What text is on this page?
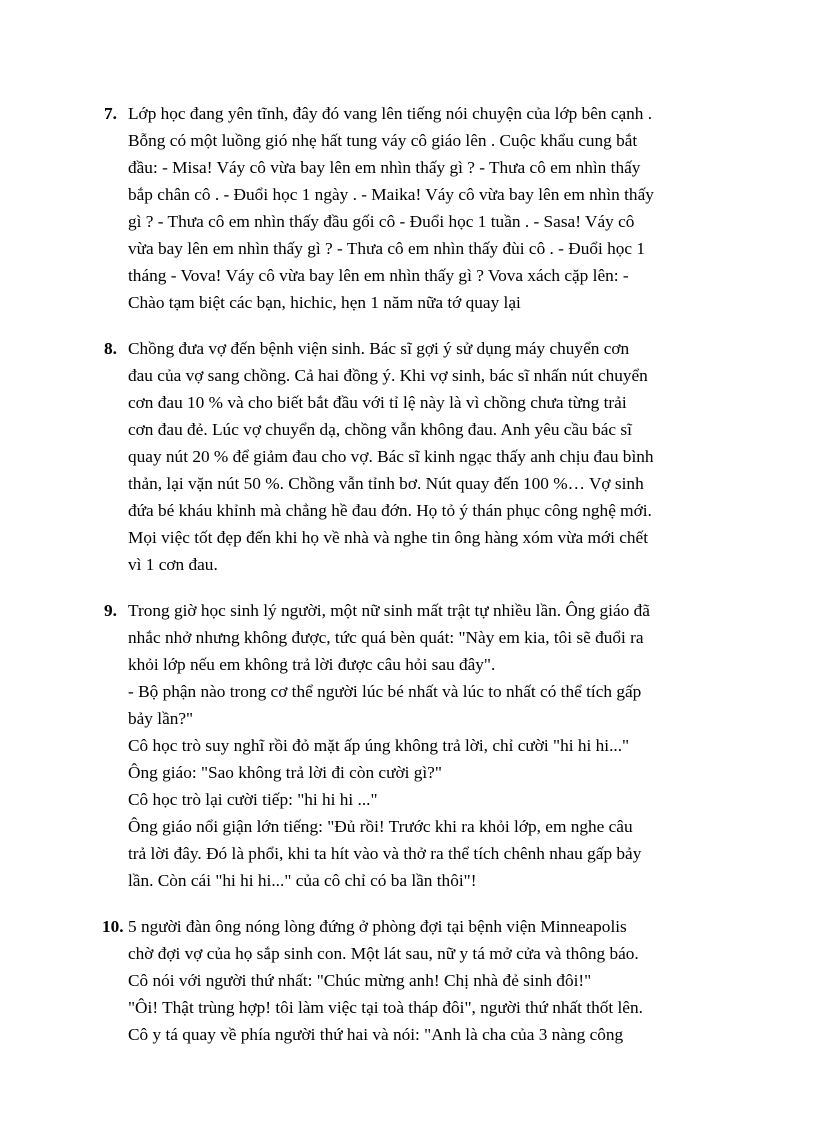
7. Lớp học đang yên tĩnh, đây đó vang lên tiếng nói chuyện của lớp bên cạnh .
Bỗng có một luồng gió nhẹ hất tung váy cô giáo lên . Cuộc khẩu cung bắt
đầu: - Misa! Váy cô vừa bay lên em nhìn thấy gì ? - Thưa cô em nhìn thấy
bắp chân cô . - Đuổi học 1 ngày . - Maika! Váy cô vừa bay lên em nhìn thấy
gì ? - Thưa cô em nhìn thấy đầu gối cô - Đuổi học 1 tuần . - Sasa! Váy cô
vừa bay lên em nhìn thấy gì ? - Thưa cô em nhìn thấy đùi cô . - Đuổi học 1
tháng - Vova! Váy cô vừa bay lên em nhìn thấy gì ? Vova xách cặp lên: -
Chào tạm biệt các bạn, hichic, hẹn 1 năm nữa tớ quay lại
8. Chồng đưa vợ đến bệnh viện sinh. Bác sĩ gợi ý sử dụng máy chuyển cơn
đau của vợ sang chồng. Cả hai đồng ý. Khi vợ sinh, bác sĩ nhấn nút chuyển
cơn đau 10 % và cho biết bắt đầu với tỉ lệ này là vì chồng chưa từng trải
cơn đau đẻ. Lúc vợ chuyển dạ, chồng vẫn không đau. Anh yêu cầu bác sĩ
quay nút 20 % để giảm đau cho vợ. Bác sĩ kinh ngạc thấy anh chịu đau bình
thản, lại vặn nút 50 %. Chồng vẫn tỉnh bơ. Nút quay đến 100 %… Vợ sinh
đứa bé kháu khỉnh mà chẳng hề đau đớn. Họ tỏ ý thán phục công nghệ mới.
Mọi việc tốt đẹp đến khi họ về nhà và nghe tin ông hàng xóm vừa mới chết
vì 1 cơn đau.
9. Trong giờ học sinh lý người, một nữ sinh mất trật tự nhiều lần. Ông giáo đã
nhắc nhở nhưng không được, tức quá bèn quát: "Này em kia, tôi sẽ đuổi ra
khỏi lớp nếu em không trả lời được câu hỏi sau đây".
- Bộ phận nào trong cơ thể người lúc bé nhất và lúc to nhất có thể tích gấp
bảy lần?"
Cô học trò suy nghĩ rồi đỏ mặt ấp úng không trả lời, chỉ cười "hi hi hi..."
Ông giáo: "Sao không trả lời đi còn cười gì?"
Cô học trò lại cười tiếp: "hi hi hi ..."
Ông giáo nổi giận lớn tiếng: "Đủ rồi! Trước khi ra khỏi lớp, em nghe câu
trả lời đây. Đó là phổi, khi ta hít vào và thở ra thể tích chênh nhau gấp bảy
lần. Còn cái "hi hi hi..." của cô chỉ có ba lần thôi"!
10. 5 người đàn ông nóng lòng đứng ở phòng đợi tại bệnh viện Minneapolis
chờ đợi vợ của họ sắp sinh con. Một lát sau, nữ y tá mở cửa và thông báo.
Cô nói với người thứ nhất: "Chúc mừng anh! Chị nhà đẻ sinh đôi!"
"Ôi! Thật trùng hợp! tôi làm việc tại toà tháp đôi", người thứ nhất thốt lên.
Cô y tá quay về phía người thứ hai và nói: "Anh là cha của 3 nàng công
